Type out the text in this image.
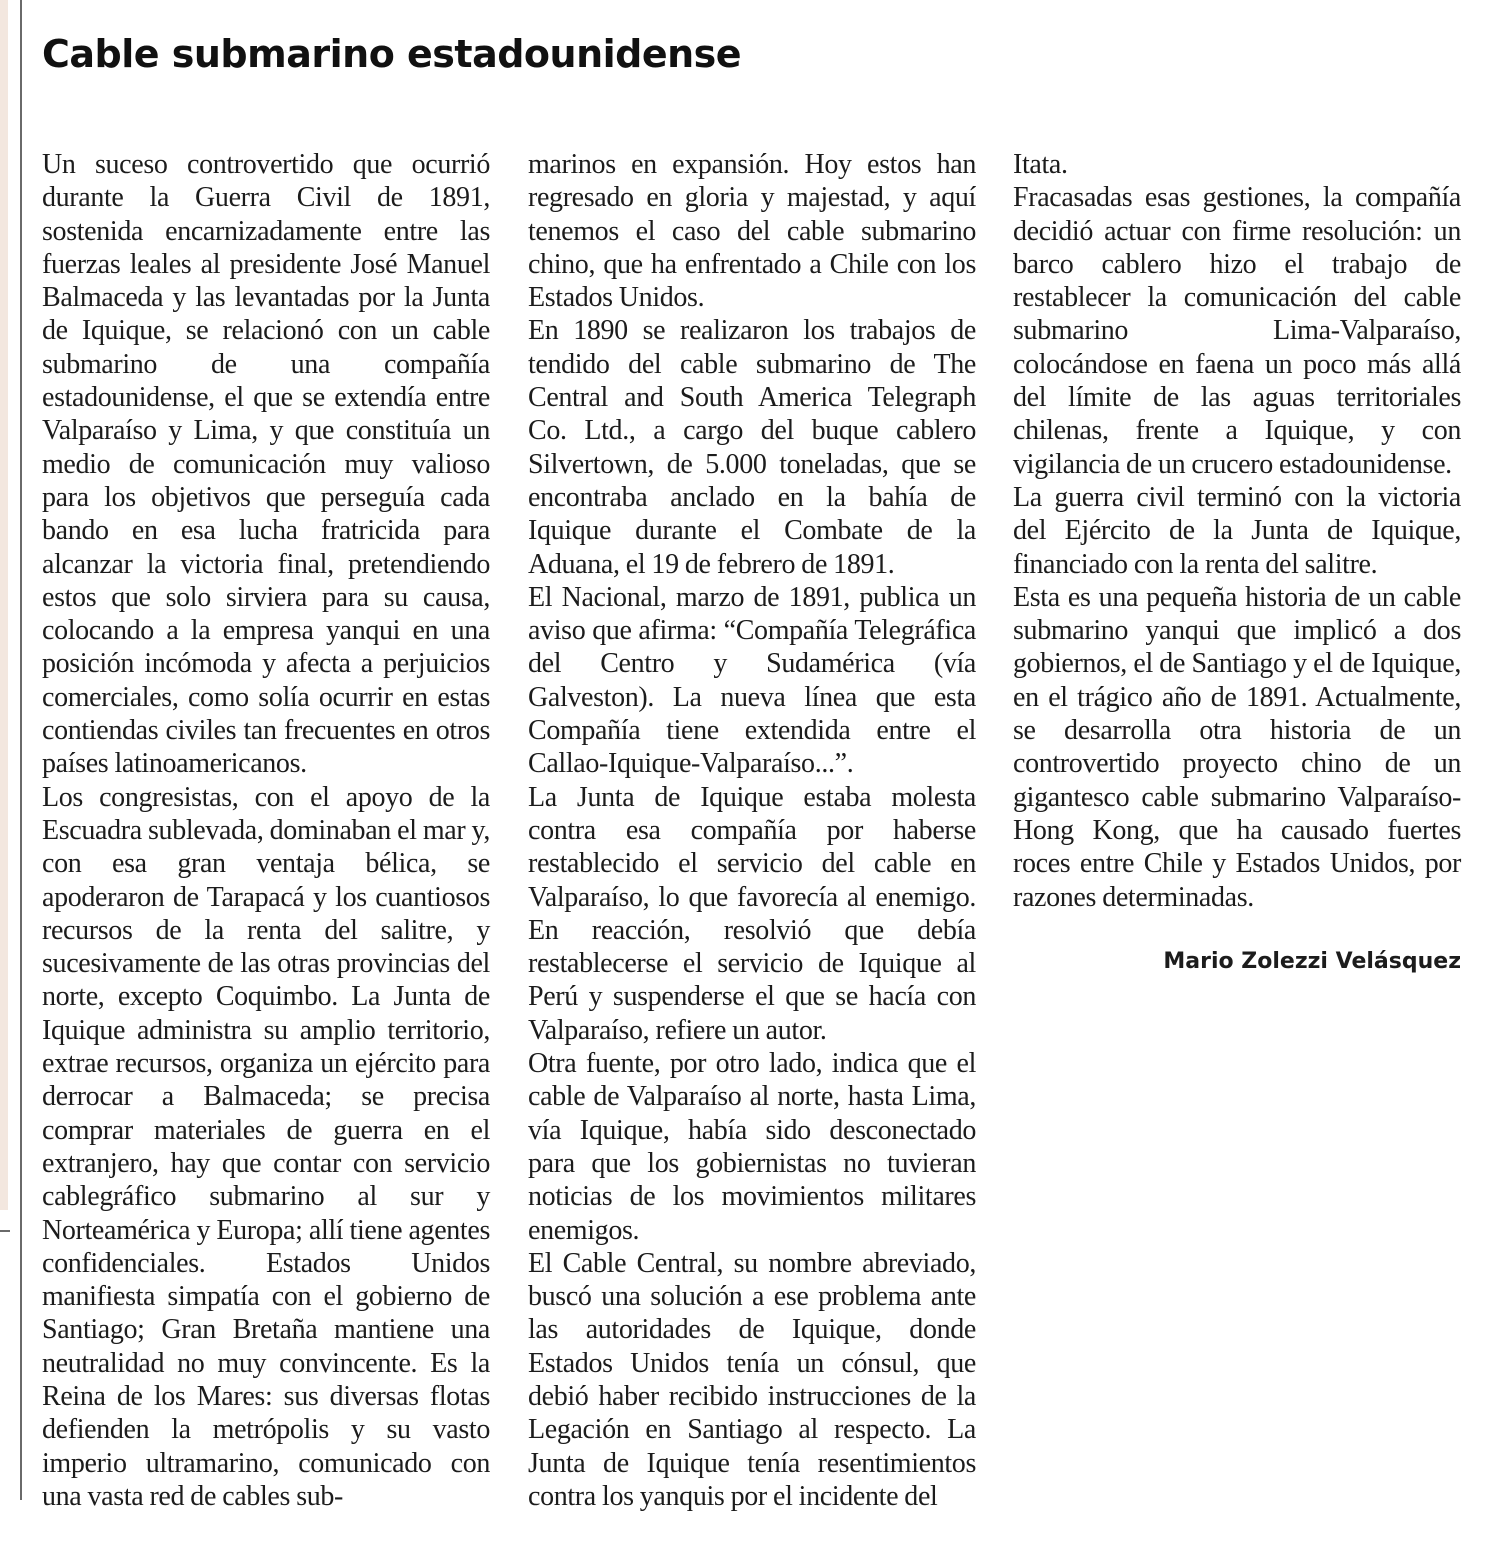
Cable submarino estadounidense

Un suceso controvertido que ocurrió durante la Guerra Civil de 1891, sostenida encarnizadamente entre las fuerzas leales al presidente José Manuel Balmaceda y las levantadas por la Junta de Iquique, se relacionó con un cable submarino de una compañía estadounidense, el que se extendía entre Valparaíso y Lima, y que constituía un medio de comunicación muy valioso para los objetivos que perseguía cada bando en esa lucha fratricida para alcanzar la victoria final, pretendiendo estos que solo sirviera para su causa, colocando a la empresa yanqui en una posición incómoda y afecta a perjuicios comerciales, como solía ocurrir en estas contiendas civiles tan frecuentes en otros países latinoamericanos.

Los congresistas, con el apoyo de la Escuadra sublevada, dominaban el mar y, con esa gran ventaja bélica, se apoderaron de Tarapacá y los cuantiosos recursos de la renta del salitre, y sucesivamente de las otras provincias del norte, excepto Coquimbo. La Junta de Iquique administra su amplio territorio, extrae recursos, organiza un ejército para derrocar a Balmaceda; se precisa comprar materiales de guerra en el extranjero, hay que contar con servicio cablegráfico submarino al sur y Norteamérica y Europa; allí tiene agentes confidenciales. Estados Unidos manifiesta simpatía con el gobierno de Santiago; Gran Bretaña mantiene una neutralidad no muy convincente. Es la Reina de los Mares: sus diversas flotas defienden la metrópolis y su vasto imperio ultramarino, comunicado con una vasta red de cables sub-

marinos en expansión. Hoy estos han regresado en gloria y majestad, y aquí tenemos el caso del cable submarino chino, que ha enfrentado a Chile con los Estados Unidos.

En 1890 se realizaron los trabajos de tendido del cable submarino de The Central and South America Telegraph Co. Ltd., a cargo del buque cablero Silvertown, de 5.000 toneladas, que se encontraba anclado en la bahía de Iquique durante el Combate de la Aduana, el 19 de febrero de 1891.

El Nacional, marzo de 1891, publica un aviso que afirma: “Compañía Telegráfica del Centro y Sudamérica (vía Galveston). La nueva línea que esta Compañía tiene extendida entre el Callao-Iquique-Valparaíso...”.

La Junta de Iquique estaba molesta contra esa compañía por haberse restablecido el servicio del cable en Valparaíso, lo que favorecía al enemigo. En reacción, resolvió que debía restablecerse el servicio de Iquique al Perú y suspenderse el que se hacía con Valparaíso, refiere un autor.

Otra fuente, por otro lado, indica que el cable de Valparaíso al norte, hasta Lima, vía Iquique, había sido desconectado para que los gobiernistas no tuvieran noticias de los movimientos militares enemigos.

El Cable Central, su nombre abreviado, buscó una solución a ese problema ante las autoridades de Iquique, donde Estados Unidos tenía un cónsul, que debió haber recibido instrucciones de la Legación en Santiago al respecto. La Junta de Iquique tenía resentimientos contra los yanquis por el incidente del

Itata.

Fracasadas esas gestiones, la compañía decidió actuar con firme resolución: un barco cablero hizo el trabajo de restablecer la comunicación del cable submarino Lima-Valparaíso, colocándose en faena un poco más allá del límite de las aguas territoriales chilenas, frente a Iquique, y con vigilancia de un crucero estadounidense.

La guerra civil terminó con la victoria del Ejército de la Junta de Iquique, financiado con la renta del salitre.

Esta es una pequeña historia de un cable submarino yanqui que implicó a dos gobiernos, el de Santiago y el de Iquique, en el trágico año de 1891. Actualmente, se desarrolla otra historia de un controvertido proyecto chino de un gigantesco cable submarino Valparaíso-Hong Kong, que ha causado fuertes roces entre Chile y Estados Unidos, por razones determinadas.

Mario Zolezzi Velásquez
